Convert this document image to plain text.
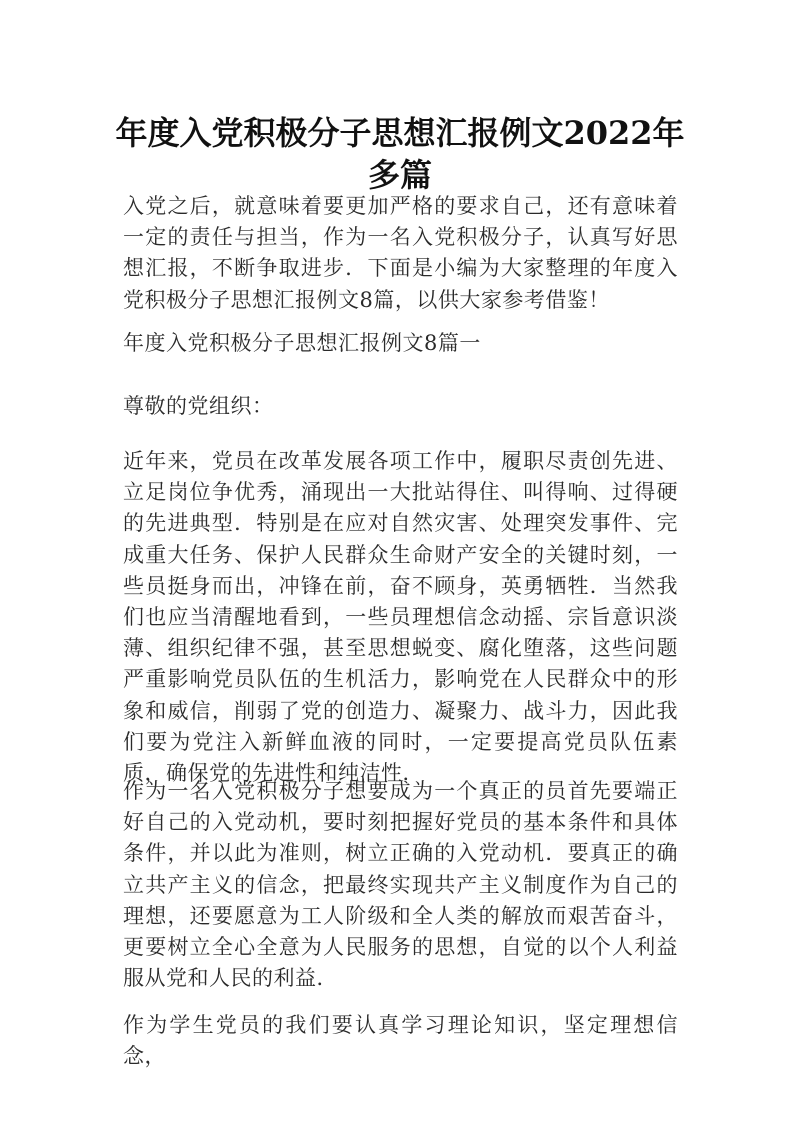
年度入党积极分子思想汇报例文2022年多篇

入党之后，就意味着要更加严格的要求自己，还有意味着一定的责任与担当，作为一名入党积极分子，认真写好思想汇报，不断争取进步．下面是小编为大家整理的年度入党积极分子思想汇报例文8篇，以供大家参考借鉴！

年度入党积极分子思想汇报例文8篇一

尊敬的党组织：

近年来，党员在改革发展各项工作中，履职尽责创先进、立足岗位争优秀，涌现出一大批站得住、叫得响、过得硬的先进典型．特别是在应对自然灾害、处理突发事件、完成重大任务、保护人民群众生命财产安全的关键时刻，一些员挺身而出，冲锋在前，奋不顾身，英勇牺牲．当然我们也应当清醒地看到，一些员理想信念动摇、宗旨意识淡薄、组织纪律不强，甚至思想蜕变、腐化堕落，这些问题严重影响党员队伍的生机活力，影响党在人民群众中的形象和威信，削弱了党的创造力、凝聚力、战斗力，因此我们要为党注入新鲜血液的同时，一定要提高党员队伍素质，确保党的先进性和纯洁性．

作为一名入党积极分子想要成为一个真正的员首先要端正好自己的入党动机，要时刻把握好党员的基本条件和具体条件，并以此为准则，树立正确的入党动机．要真正的确立共产主义的信念，把最终实现共产主义制度作为自己的理想，还要愿意为工人阶级和全人类的解放而艰苦奋斗，更要树立全心全意为人民服务的思想，自觉的以个人利益服从党和人民的利益．

作为学生党员的我们要认真学习理论知识，坚定理想信念，
